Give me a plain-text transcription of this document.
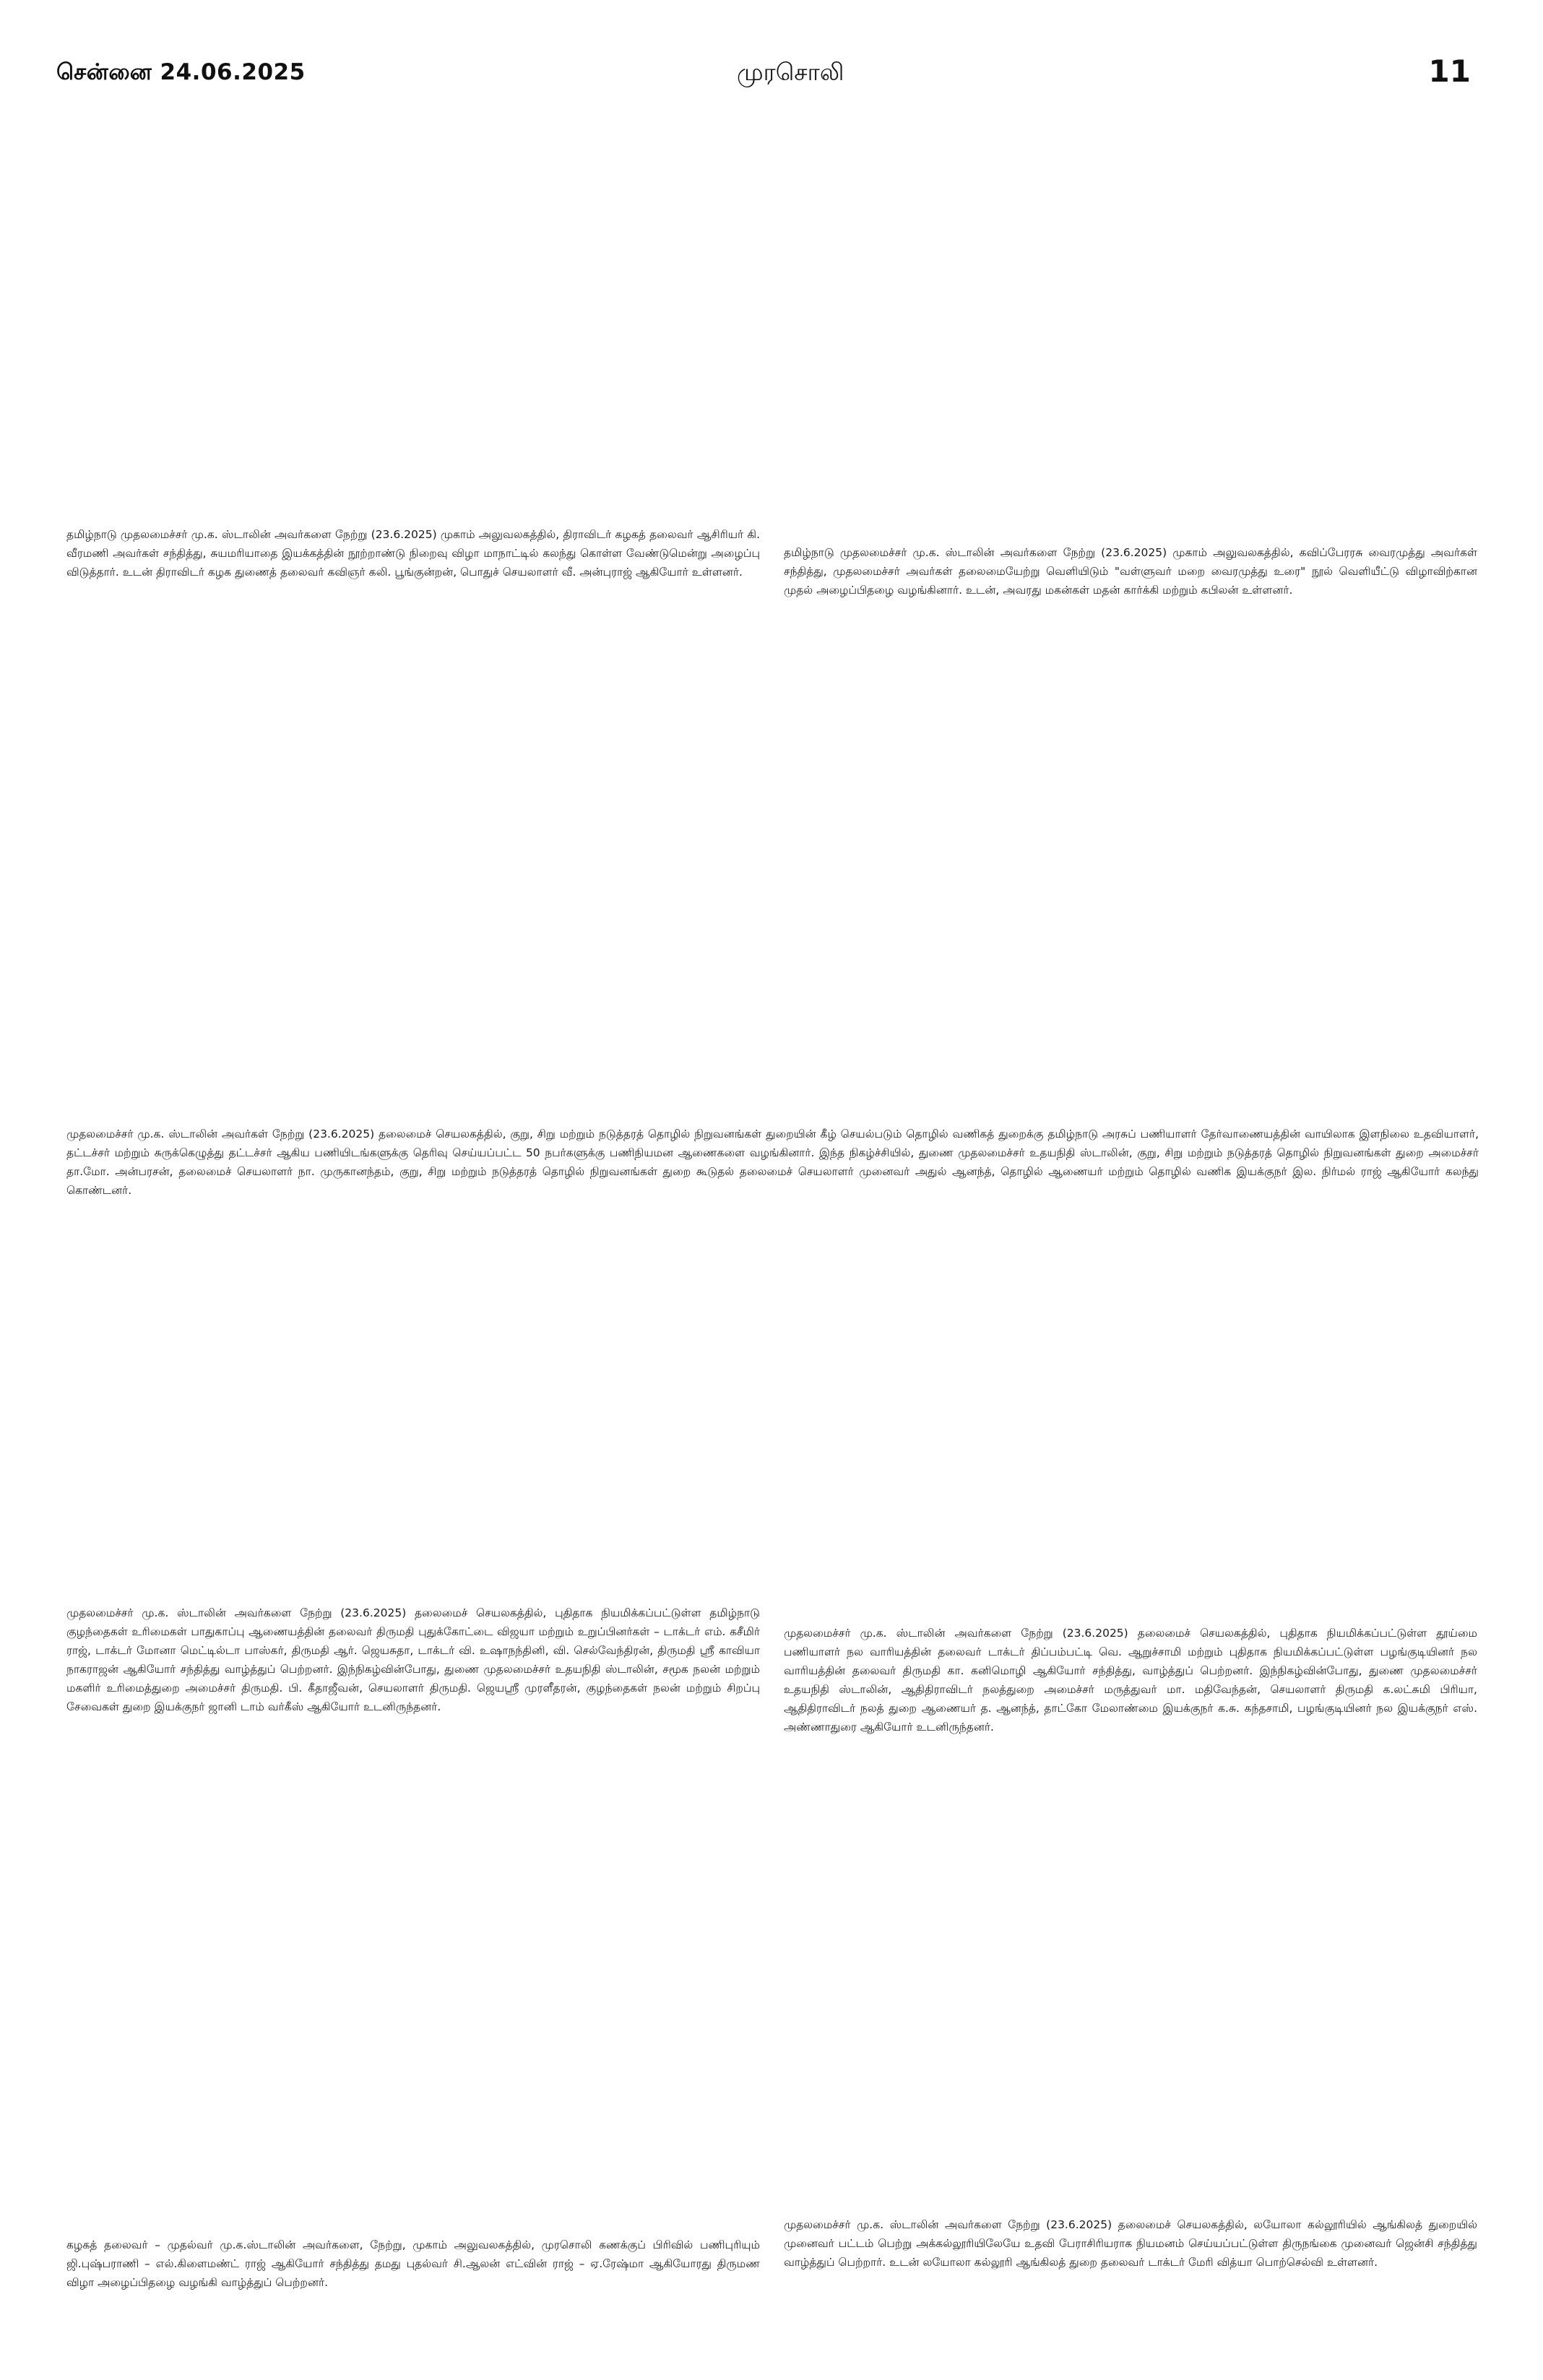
சென்னை 24.06.2025	முரசொலி	11
தமிழ்நாடு முதலமைச்சர் மு.க. ஸ்டாலின் அவர்களை நேற்று (23.6.2025) முகாம் அலுவலகத்தில், திராவிடர் கழகத் தலைவர் ஆசிரியர் கி. வீரமணி அவர்கள் சந்தித்து, சுயமரியாதை இயக்கத்தின் நூற்றாண்டு நிறைவு விழா மாநாட்டில் கலந்து கொள்ள வேண்டுமென்று அழைப்பு விடுத்தார். உடன் திராவிடர் கழக துணைத் தலைவர் கவிஞர் கலி. பூங்குன்றன், பொதுச் செயலாளர் வீ. அன்புராஜ் ஆகியோர் உள்ளனர்.
தமிழ்நாடு முதலமைச்சர் மு.க. ஸ்டாலின் அவர்களை நேற்று (23.6.2025) முகாம் அலுவலகத்தில், கவிப்பேரரசு வைரமுத்து அவர்கள் சந்தித்து, முதலமைச்சர் அவர்கள் தலைமையேற்று வெளியிடும் "வள்ளுவர் மறை வைரமுத்து உரை" நூல் வெளியீட்டு விழாவிற்கான முதல் அழைப்பிதழை வழங்கினார். உடன், அவரது மகன்கள் மதன் கார்க்கி மற்றும் கபிலன் உள்ளனர்.
முதலமைச்சர் மு.க. ஸ்டாலின் அவர்கள் நேற்று (23.6.2025) தலைமைச் செயலகத்தில், குறு, சிறு மற்றும் நடுத்தரத் தொழில் நிறுவனங்கள் துறையின் கீழ் செயல்படும் தொழில் வணிகத் துறைக்கு தமிழ்நாடு அரசுப் பணியாளர் தேர்வாணையத்தின் வாயிலாக இளநிலை உதவியாளர், தட்டச்சர் மற்றும் சுருக்கெழுத்து தட்டச்சர் ஆகிய பணியிடங்களுக்கு தெரிவு செய்யப்பட்ட 50 நபர்களுக்கு பணிநியமன ஆணைகளை வழங்கினார். இந்த நிகழ்ச்சியில், துணை முதலமைச்சர் உதயநிதி ஸ்டாலின், குறு, சிறு மற்றும் நடுத்தரத் தொழில் நிறுவனங்கள் துறை அமைச்சர் தா.மோ. அன்பரசன், தலைமைச் செயலாளர் நா. முருகானந்தம், குறு, சிறு மற்றும் நடுத்தரத் தொழில் நிறுவனங்கள் துறை கூடுதல் தலைமைச் செயலாளர் முனைவர் அதுல் ஆனந்த், தொழில் ஆணையர் மற்றும் தொழில் வணிக இயக்குநர் இல. நிர்மல் ராஜ் ஆகியோர் கலந்து கொண்டனர்.
முதலமைச்சர் மு.க. ஸ்டாலின் அவர்களை நேற்று (23.6.2025) தலைமைச் செயலகத்தில், புதிதாக நியமிக்கப்பட்டுள்ள தமிழ்நாடு குழந்தைகள் உரிமைகள் பாதுகாப்பு ஆணையத்தின் தலைவர் திருமதி புதுக்கோட்டை விஜயா மற்றும் உறுப்பினர்கள் – டாக்டர் எம். கசீமிர் ராஜ், டாக்டர் மோனா மெட்டில்டா பாஸ்கர், திருமதி ஆர். ஜெயசுதா, டாக்டர் வி. உஷாநந்தினி, வி. செல்வேந்திரன், திருமதி ஸ்ரீ காவியா நாகராஜன் ஆகியோர் சந்தித்து வாழ்த்துப் பெற்றனர். இந்நிகழ்வின்போது, துணை முதலமைச்சர் உதயநிதி ஸ்டாலின், சமூக நலன் மற்றும் மகளிர் உரிமைத்துறை அமைச்சர் திருமதி. பி. கீதாஜீவன், செயலாளர் திருமதி. ஜெயஸ்ரீ முரளீதரன், குழந்தைகள் நலன் மற்றும் சிறப்பு சேவைகள் துறை இயக்குநர் ஜானி டாம் வர்கீஸ் ஆகியோர் உடனிருந்தனர்.
முதலமைச்சர் மு.க. ஸ்டாலின் அவர்களை நேற்று (23.6.2025) தலைமைச் செயலகத்தில், புதிதாக நியமிக்கப்பட்டுள்ள தூய்மை பணியாளர் நல வாரியத்தின் தலைவர் டாக்டர் திப்பம்பட்டி வெ. ஆறுச்சாமி மற்றும் புதிதாக நியமிக்கப்பட்டுள்ள பழங்குடியினர் நல வாரியத்தின் தலைவர் திருமதி கா. கனிமொழி ஆகியோர் சந்தித்து, வாழ்த்துப் பெற்றனர். இந்நிகழ்வின்போது, துணை முதலமைச்சர் உதயநிதி ஸ்டாலின், ஆதிதிராவிடர் நலத்துறை அமைச்சர் மருத்துவர் மா. மதிவேந்தன், செயலாளர் திருமதி க.லட்சுமி பிரியா, ஆதிதிராவிடர் நலத் துறை ஆணையர் த. ஆனந்த், தாட்கோ மேலாண்மை இயக்குநர் க.சு. கந்தசாமி, பழங்குடியினர் நல இயக்குநர் எஸ். அண்ணாதுரை ஆகியோர் உடனிருந்தனர்.
கழகத் தலைவர் – முதல்வர் மு.க.ஸ்டாலின் அவர்களை, நேற்று, முகாம் அலுவலகத்தில், முரசொலி கணக்குப் பிரிவில் பணிபுரியும் ஜி.புஷ்பராணி – எல்.கிளைமண்ட் ராஜ் ஆகியோர் சந்தித்து தமது புதல்வர் சி.ஆலன் எட்வின் ராஜ் – ஏ.ரேஷ்மா ஆகியோரது திருமண விழா அழைப்பிதழை வழங்கி வாழ்த்துப் பெற்றனர்.
முதலமைச்சர் மு.க. ஸ்டாலின் அவர்களை நேற்று (23.6.2025) தலைமைச் செயலகத்தில், லயோலா கல்லூரியில் ஆங்கிலத் துறையில் முனைவர் பட்டம் பெற்று அக்கல்லூரியிலேயே உதவி பேராசிரியராக நியமனம் செய்யப்பட்டுள்ள திருநங்கை முனைவர் ஜென்சி சந்தித்து வாழ்த்துப் பெற்றார். உடன் லயோலா கல்லூரி ஆங்கிலத் துறை தலைவர் டாக்டர் மேரி வித்யா பொற்செல்வி உள்ளனர்.
